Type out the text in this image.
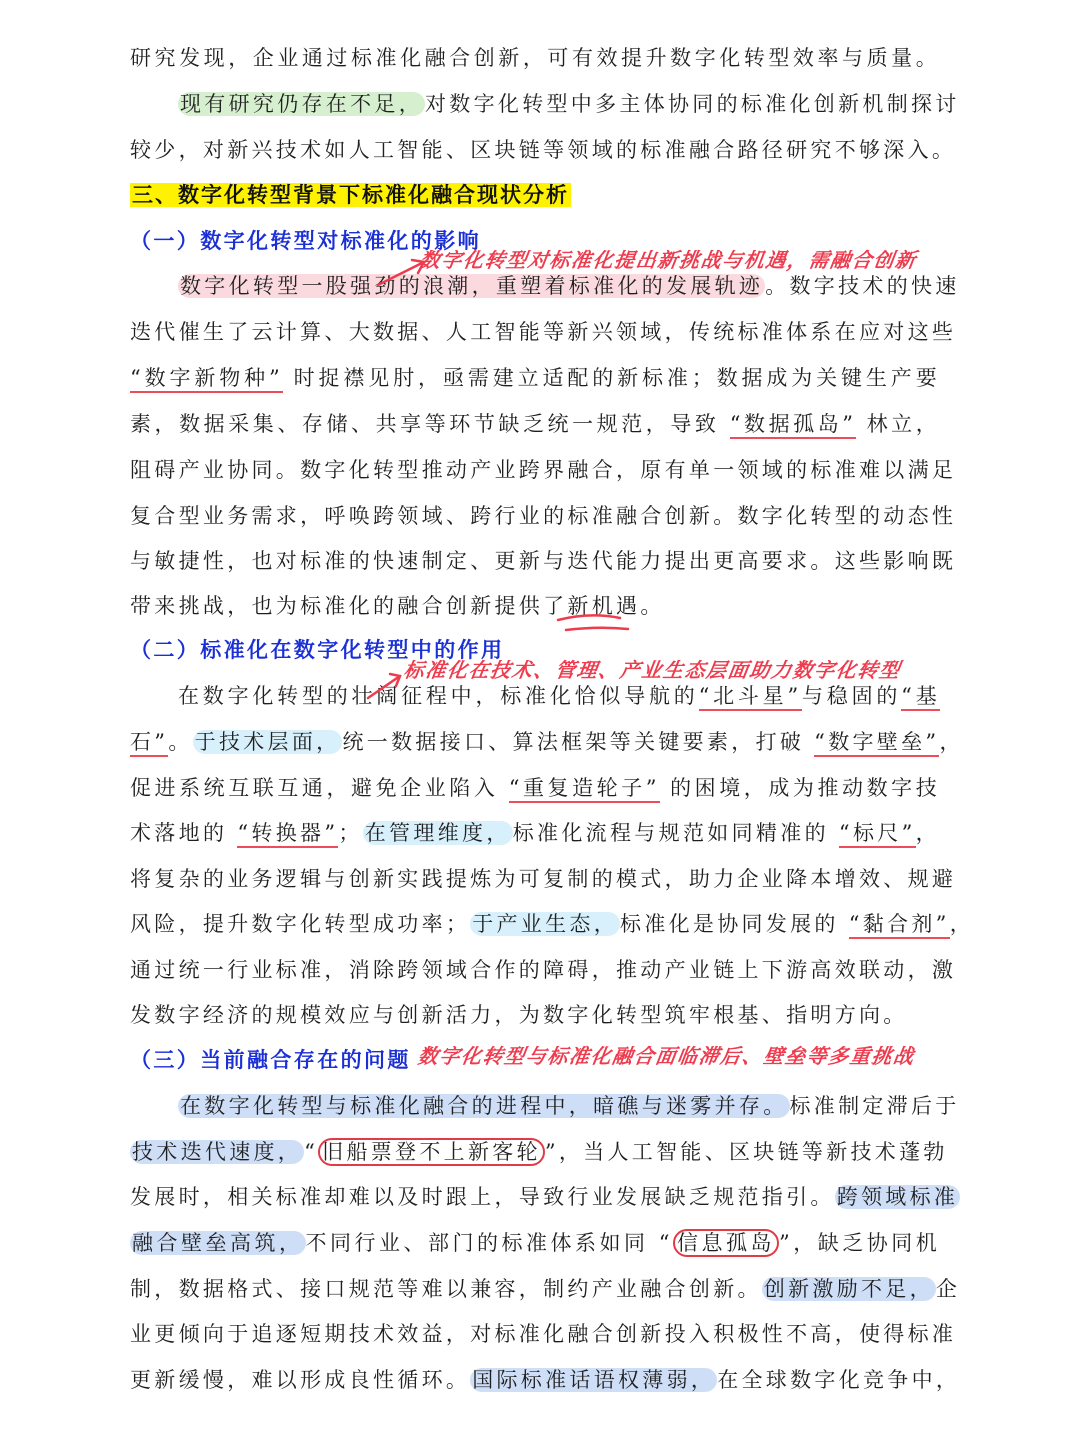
研究发现，企业通过标准化融合创新，可有效提升数字化转型效率与质量。
现有研究仍存在不足，对数字化转型中多主体协同的标准化创新机制探讨
较少，对新兴技术如人工智能、区块链等领域的标准融合路径研究不够深入。
三、数字化转型背景下标准化融合现状分析
（一）数字化转型对标准化的影响
数字化转型对标准化提出新挑战与机遇，需融合创新
数字化转型一股强劲的浪潮，重塑着标准化的发展轨迹。数字技术的快速
迭代催生了云计算、大数据、人工智能等新兴领域，传统标准体系在应对这些
“数字新物种” 时捉襟见肘，亟需建立适配的新标准；数据成为关键生产要
素，数据采集、存储、共享等环节缺乏统一规范，导致 “数据孤岛” 林立，
阻碍产业协同。数字化转型推动产业跨界融合，原有单一领域的标准难以满足
复合型业务需求，呼唤跨领域、跨行业的标准融合创新。数字化转型的动态性
与敏捷性，也对标准的快速制定、更新与迭代能力提出更高要求。这些影响既
带来挑战，也为标准化的融合创新提供了新机遇。
（二）标准化在数字化转型中的作用
标准化在技术、管理、产业生态层面助力数字化转型
在数字化转型的壮阔征程中，标准化恰似导航的“北斗星”与稳固的“基
石”。于技术层面，统一数据接口、算法框架等关键要素，打破 “数字壁垒”，
促进系统互联互通，避免企业陷入 “重复造轮子” 的困境，成为推动数字技
术落地的 “转换器”；在管理维度，标准化流程与规范如同精准的 “标尺”，
将复杂的业务逻辑与创新实践提炼为可复制的模式，助力企业降本增效、规避
风险，提升数字化转型成功率；于产业生态，标准化是协同发展的 “黏合剂”，
通过统一行业标准，消除跨领域合作的障碍，推动产业链上下游高效联动，激
发数字经济的规模效应与创新活力，为数字化转型筑牢根基、指明方向。
（三）当前融合存在的问题 数字化转型与标准化融合面临滞后、壁垒等多重挑战
在数字化转型与标准化融合的进程中，暗礁与迷雾并存。标准制定滞后于
技术迭代速度，“ 旧船票登不上新客轮 ”，当人工智能、区块链等新技术蓬勃
发展时，相关标准却难以及时跟上，导致行业发展缺乏规范指引。跨领域标准
融合壁垒高筑，不同行业、部门的标准体系如同 “ 信息孤岛 ”，缺乏协同机
制，数据格式、接口规范等难以兼容，制约产业融合创新。创新激励不足，企
业更倾向于追逐短期技术效益，对标准化融合创新投入积极性不高，使得标准
更新缓慢，难以形成良性循环。国际标准话语权薄弱，在全球数字化竞争中，
